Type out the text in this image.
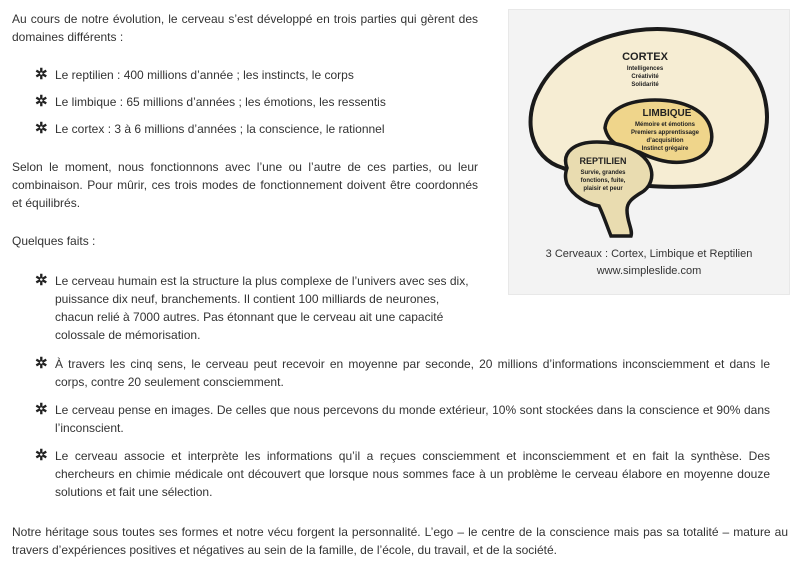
Au cours de notre évolution, le cerveau s’est développé en trois parties qui gèrent des domaines différents :

✲ Le reptilien : 400 millions d’année ; les instincts, le corps
✲ Le limbique : 65 millions d’années ; les émotions, les ressentis
✲ Le cortex : 3 à 6 millions d’années ; la conscience, le rationnel

Selon le moment, nous fonctionnons avec l’une ou l’autre de ces parties, ou leur combinaison. Pour mûrir, ces trois modes de fonctionnement doivent être coordonnés et équilibrés.

Quelques faits :

✲ Le cerveau humain est la structure la plus complexe de l’univers avec ses dix, puissance dix neuf, branchements. Il contient 100 milliards de neurones, chacun relié à 7000 autres. Pas étonnant que le cerveau ait une capacité colossale de mémorisation.
✲ À travers les cinq sens, le cerveau peut recevoir en moyenne par seconde, 20 millions d’informations inconsciemment et dans le corps, contre 20 seulement consciemment.
✲ Le cerveau pense en images. De celles que nous percevons du monde extérieur, 10% sont stockées dans la conscience et 90% dans l’inconscient.
✲ Le cerveau associe et interprète les informations qu’il a reçues consciemment et inconsciemment et en fait la synthèse. Des chercheurs en chimie médicale ont découvert que lorsque nous sommes face à un problème le cerveau élabore en moyenne douze solutions et fait une sélection.

Notre héritage sous toutes ses formes et notre vécu forgent la personnalité. L’ego – le centre de la conscience mais pas sa totalité – mature au travers d’expériences positives et négatives au sein de la famille, de l’école, du travail, et de la société.

CORTEX
Intelligences
Créativité
Solidarité
LIMBIQUE
Mémoire et émotions
Premiers apprentissage
d’acquisition
Instinct grégaire
REPTILIEN
Survie, grandes
fonctions, fuite,
plaisir et peur
3 Cerveaux : Cortex, Limbique et Reptilien
www.simpleslide.com
